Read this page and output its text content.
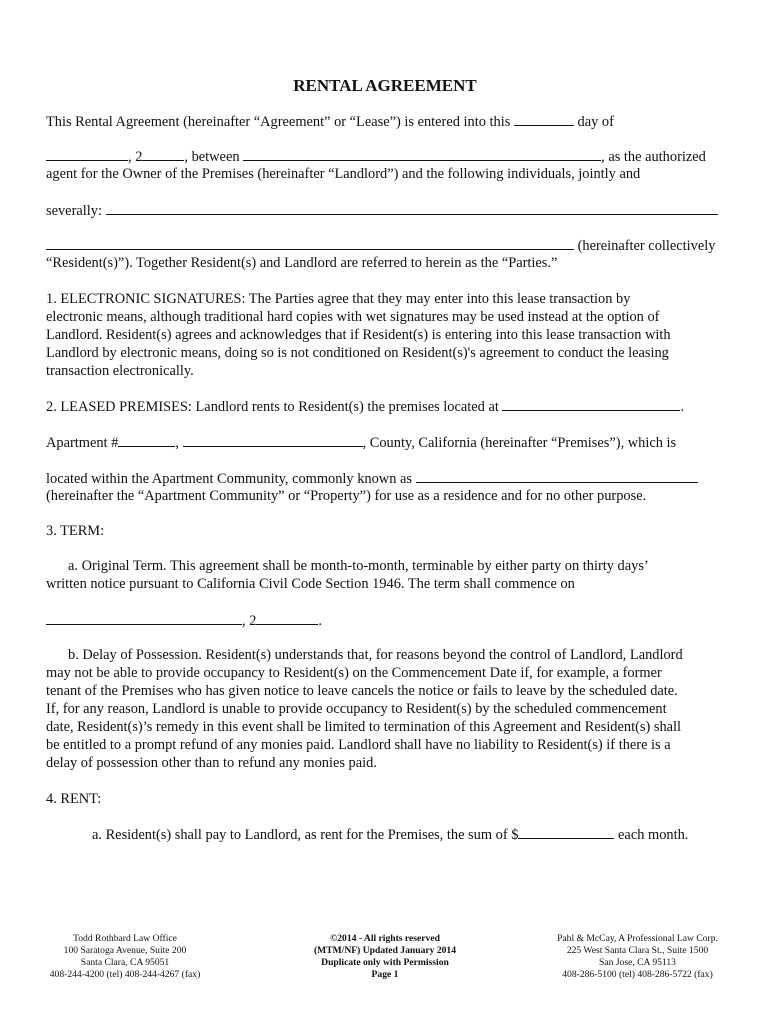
RENTAL AGREEMENT
This Rental Agreement (hereinafter “Agreement” or “Lease”) is entered into this	day of
, 2	, between	, as the authorized
agent for the Owner of the Premises (hereinafter “Landlord”) and the following individuals, jointly and
severally:
(hereinafter collectively
“Resident(s)”). Together Resident(s) and Landlord are referred to herein as the “Parties.”
1. ELECTRONIC SIGNATURES: The Parties agree that they may enter into this lease transaction by
electronic means, although traditional hard copies with wet signatures may be used instead at the option of
Landlord. Resident(s) agrees and acknowledges that if Resident(s) is entering into this lease transaction with
Landlord by electronic means, doing so is not conditioned on Resident(s)'s agreement to conduct the leasing
transaction electronically.
2. LEASED PREMISES: Landlord rents to Resident(s) the premises located at	.
Apartment #	,	, County, California (hereinafter “Premises”), which is
located within the Apartment Community, commonly known as
(hereinafter the “Apartment Community” or “Property”) for use as a residence and for no other purpose.
3. TERM:
a. Original Term. This agreement shall be month-to-month, terminable by either party on thirty days’
written notice pursuant to California Civil Code Section 1946. The term shall commence on
, 2	.
b. Delay of Possession. Resident(s) understands that, for reasons beyond the control of Landlord, Landlord
may not be able to provide occupancy to Resident(s) on the Commencement Date if, for example, a former
tenant of the Premises who has given notice to leave cancels the notice or fails to leave by the scheduled date.
If, for any reason, Landlord is unable to provide occupancy to Resident(s) by the scheduled commencement
date, Resident(s)’s remedy in this event shall be limited to termination of this Agreement and Resident(s) shall
be entitled to a prompt refund of any monies paid. Landlord shall have no liability to Resident(s) if there is a
delay of possession other than to refund any monies paid.
4. RENT:
a. Resident(s) shall pay to Landlord, as rent for the Premises, the sum of $	each month.
Todd Rothbard Law Office
100 Saratoga Avenue, Suite 200
Santa Clara, CA 95051
408-244-4200 (tel) 408-244-4267 (fax)
©2014 - All rights reserved
(MTM/NF) Updated January 2014
Duplicate only with Permission
Page 1
Pahl & McCay, A Professional Law Corp.
225 West Santa Clara St., Suite 1500
San Jose, CA 95113
408-286-5100 (tel) 408-286-5722 (fax)
